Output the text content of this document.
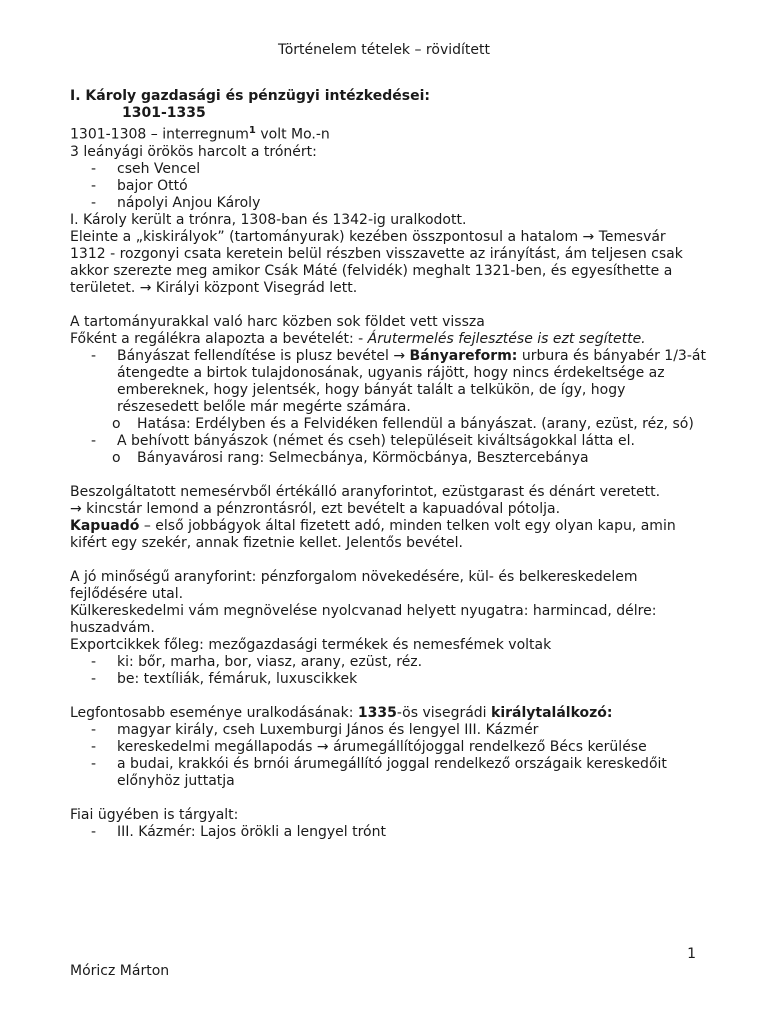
Történelem tételek – rövidített

I. Károly gazdasági és pénzügyi intézkedései:

1301-1335

1301-1308 – interregnum$^1$ volt Mo.-n

3 leányági örökös harcolt a trónért:

- cseh Vencel
- bajor Ottó
- nápolyi Anjou Károly

I. Károly került a trónra, 1308-ban és 1342-ig uralkodott.

Eleinte a „kiskirályok” (tartományurak) kezében összpontosul a hatalom → Temesvár

1312 - rozgonyi csata keretein belül részben visszavette az irányítást, ám teljesen csak akkor szerezte meg amikor Csák Máté (felvidék) meghalt 1321-ben, és egyesíthette a területet. → Királyi központ Visegrád lett.

A tartományurakkal való harc közben sok földet vett vissza

Főként a regálékra alapozta a bevételét: - Árutermelés fejlesztése is ezt segítette.

- Bányászat fellendítése is plusz bevétel → Bányareform: urbura és bányabér 1/3-át átengedte a birtok tulajdonosának, ugyanis rájött, hogy nincs érdekeltsége az embereknek, hogy jelentsék, hogy bányát talált a telkükön, de így, hogy részesedett belőle már megérte számára.
o Hatása: Erdélyben és a Felvidéken fellendül a bányászat. (arany, ezüst, réz, só)
- A behívott bányászok (német és cseh) településeit kiváltságokkal látta el.
o Bányavárosi rang: Selmecbánya, Körmöcbánya, Besztercebánya

Beszolgáltatott nemesérvből értékálló aranyforintot, ezüstgarast és dénárt veretett.

→ kincstár lemond a pénzrontásról, ezt bevételt a kapuadóval pótolja.

Kapuadó – első jobbágyok által fizetett adó, minden telken volt egy olyan kapu, amin kifért egy szekér, annak fizetnie kellet. Jelentős bevétel.

A jó minőségű aranyforint: pénzforgalom növekedésére, kül- és belkereskedelem fejlődésére utal.

Külkereskedelmi vám megnövelése nyolcvanad helyett nyugatra: harmincad, délre: huszadvám.

Exportcikkek főleg: mezőgazdasági termékek és nemesfémek voltak

- ki: bőr, marha, bor, viasz, arany, ezüst, réz.
- be: textíliák, fémáruk, luxuscikkek

Legfontosabb eseménye uralkodásának: 1335-ös visegrádi királytalálkozó:

- magyar király, cseh Luxemburgi János és lengyel III. Kázmér
- kereskedelmi megállapodás → árumegállítójoggal rendelkező Bécs kerülése
- a budai, krakkói és brnói árumegállító joggal rendelkező országaik kereskedőit előnyhöz juttatja

Fiai ügyében is tárgyalt:

- III. Kázmér: Lajos örökli a lengyel trónt
1
Móricz Márton
